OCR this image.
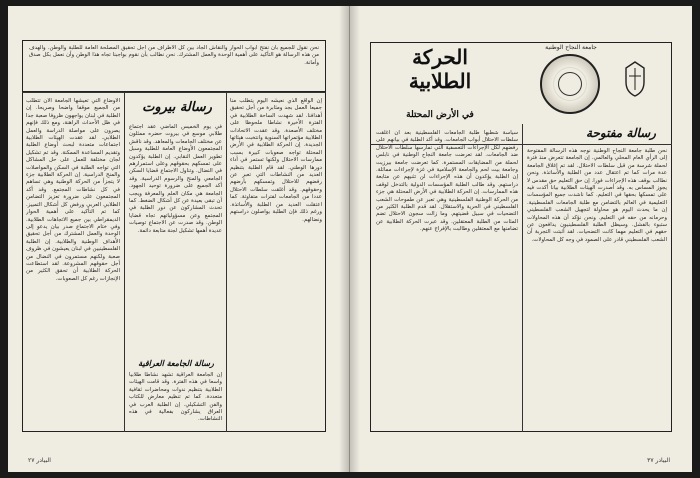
نحن نقول للجميع بأن نفتح أبواب الحوار والنقاش الجاد بين كل الأطراف من أجل تحقيق المصلحة العامة للطلبة والوطن. والهدف من هذه الرسالة هو التأكيد على أهمية الوحدة والعمل المشترك. نحن نطالب بأن نقوم بواجبنا تجاه هذا الوطن وأن نعمل بكل صدق وأمانة.
رسالة بيروت
الأوضاع التي تعيشها الجامعة الآن تتطلب من الجميع موقفا واضحا وصريحا. إن الطلبة في لبنان يواجهون ظروفا صعبة جدا في ظل الأحداث الراهنة، ومع ذلك فإنهم يصرون على مواصلة الدراسة والعمل الطلابي. لقد عقدت الهيئات الطلابية اجتماعات متعددة لبحث أوضاع الطلبة وتقديم المساعدة الممكنة. وقد تم تشكيل لجان مختلفة للعمل على حل المشاكل التي تواجه الطلبة في السكن والمواصلات والمنح الدراسية. إن الحركة الطلابية جزء لا يتجزأ من الحركة الوطنية وهي تساهم في كل نشاطات المجتمع. وقد أكد المجتمعون على ضرورة تعزيز التضامن الطلابي العربي ورفض كل أشكال التمييز. كما تم التأكيد على أهمية الحوار الديمقراطي بين جميع الاتجاهات الطلابية. وفي ختام الاجتماع صدر بيان يدعو إلى الوحدة والعمل المشترك من أجل تحقيق الأهداف الوطنية والطلابية. إن الطلبة الفلسطينيين في لبنان يعيشون في ظروف صعبة ولكنهم مستمرون في النضال من أجل حقوقهم المشروعة. لقد استطاعت الحركة الطلابية أن تحقق الكثير من الإنجازات رغم كل الصعوبات.
في يوم الخميس الماضي عقد اجتماع طلابي موسع في بيروت حضره ممثلون عن مختلف الجامعات والمعاهد. وقد ناقش المجتمعون الأوضاع العامة للطلبة وسبل تطوير العمل النقابي. إن الطلبة يؤكدون على تمسكهم بحقوقهم وعلى استمرارهم في النضال. وتناول الاجتماع قضايا السكن الجامعي والمنح والرسوم الدراسية. وقد أكد الجميع على ضرورة توحيد الجهود. الجامعة هي مكان العلم والمعرفة ويجب أن تبقى بعيدة عن كل أشكال الضغط. كما تحدث المشاركون عن دور الطلبة في المجتمع وعن مسؤولياتهم تجاه قضايا الوطن. وقد صدرت عن الاجتماع توصيات عديدة أهمها تشكيل لجنة متابعة دائمة.
رسالة الجامعة العراقية
إن الجامعة العراقية تشهد نشاطا طلابيا واسعا في هذه الفترة. وقد قامت الهيئات الطلابية بتنظيم ندوات ومحاضرات ثقافية متعددة. كما تم تنظيم معارض للكتاب والفن التشكيلي. إن الطلبة العرب في العراق يشاركون بفعالية في هذه النشاطات.
إن الواقع الذي نعيشه اليوم يتطلب منا جميعا العمل بجد ومثابرة من أجل تحقيق أهدافنا. لقد شهدت الساحة الطلابية في الفترة الأخيرة نشاطا ملحوظا على مختلف الأصعدة. وقد عقدت الاتحادات الطلابية مؤتمراتها السنوية وانتخبت هيئاتها الجديدة. إن الحركة الطلابية في الأرض المحتلة تواجه صعوبات كبيرة بسبب ممارسات الاحتلال ولكنها تستمر في أداء دورها الوطني. لقد قام الطلبة بتنظيم العديد من النشاطات التي تعبر عن رفضهم للاحتلال وتمسكهم بأرضهم وحقوقهم. وقد أغلقت سلطات الاحتلال عددا من الجامعات لفترات متفاوتة. كما اعتقلت العديد من الطلبة والأساتذة. ورغم ذلك فإن الطلبة يواصلون دراستهم ونضالهم.
البيادر ٢٧
الحركة
الطلابية
في الأرض المحتلة
جامعة النجاح الوطنية
رسالة مفتوحة
سياسة شطبها طلبة الجامعات الفلسطينية بعد أن أغلقت سلطات الاحتلال أبواب الجامعات. وقد أكد الطلبة في بيانهم على رفضهم لكل الإجراءات التعسفية التي تمارسها سلطات الاحتلال ضد الجامعات. لقد تعرضت جامعة النجاح الوطنية في نابلس لحملة من المضايقات المستمرة. كما تعرضت جامعة بيرزيت وجامعة بيت لحم والجامعة الإسلامية في غزة لإجراءات مماثلة. إن الطلبة يؤكدون أن هذه الإجراءات لن تثنيهم عن متابعة دراستهم. وقد طالب الطلبة المؤسسات الدولية بالتدخل لوقف هذه الممارسات. إن الحركة الطلابية في الأرض المحتلة هي جزء من الحركة الوطنية الفلسطينية وهي تعبر عن طموحات الشعب الفلسطيني في الحرية والاستقلال. لقد قدم الطلبة الكثير من التضحيات في سبيل قضيتهم. وما زالت سجون الاحتلال تضم المئات من الطلبة المعتقلين. وقد عبرت الحركة الطلابية عن تضامنها مع المعتقلين وطالبت بالإفراج عنهم.
نحن طلبة جامعة النجاح الوطنية نوجه هذه الرسالة المفتوحة إلى الرأي العام المحلي والعالمي. إن الجامعة تتعرض منذ فترة لحملة شرسة من قبل سلطات الاحتلال. لقد تم إغلاق الجامعة عدة مرات كما تم اعتقال عدد من الطلبة والأساتذة. ونحن نطالب بوقف هذه الإجراءات فورا. إن حق التعليم حق مقدس لا يجوز المساس به. وقد أصدرت الهيئات الطلابية بيانا أكدت فيه على تمسكها بحقها في التعليم. كما ناشدت جميع المؤسسات التعليمية في العالم بالتضامن مع طلبة الجامعات الفلسطينية. إن ما يحدث اليوم هو محاولة لتجهيل الشعب الفلسطيني وحرمانه من حقه في التعليم. ونحن نؤكد أن هذه المحاولات ستبوء بالفشل. وسيظل الطلبة الفلسطينيون يدافعون عن حقهم في التعليم مهما كانت التضحيات. لقد أثبتت التجربة أن الشعب الفلسطيني قادر على الصمود في وجه كل المحاولات.
البيادر ٣٧
